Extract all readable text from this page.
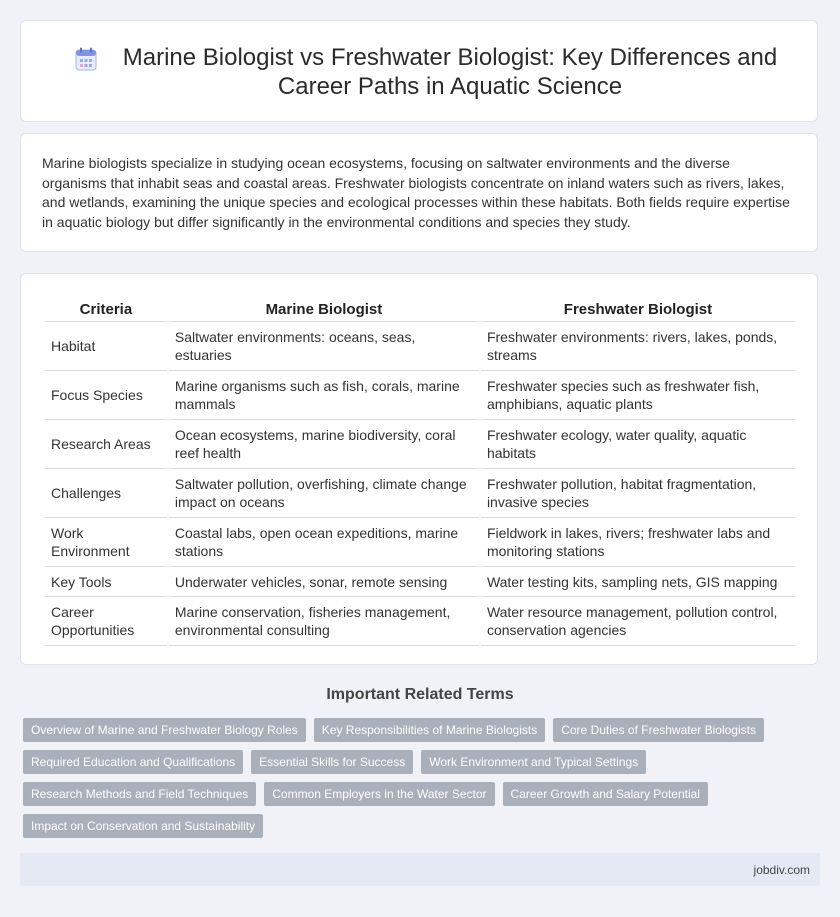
Marine Biologist vs Freshwater Biologist: Key Differences and Career Paths in Aquatic Science

Marine biologists specialize in studying ocean ecosystems, focusing on saltwater environments and the diverse organisms that inhabit seas and coastal areas. Freshwater biologists concentrate on inland waters such as rivers, lakes, and wetlands, examining the unique species and ecological processes within these habitats. Both fields require expertise in aquatic biology but differ significantly in the environmental conditions and species they study.

Criteria	Marine Biologist	Freshwater Biologist
Habitat	Saltwater environments: oceans, seas, estuaries	Freshwater environments: rivers, lakes, ponds, streams
Focus Species	Marine organisms such as fish, corals, marine mammals	Freshwater species such as freshwater fish, amphibians, aquatic plants
Research Areas	Ocean ecosystems, marine biodiversity, coral reef health	Freshwater ecology, water quality, aquatic habitats
Challenges	Saltwater pollution, overfishing, climate change impact on oceans	Freshwater pollution, habitat fragmentation, invasive species
Work Environment	Coastal labs, open ocean expeditions, marine stations	Fieldwork in lakes, rivers; freshwater labs and monitoring stations
Key Tools	Underwater vehicles, sonar, remote sensing	Water testing kits, sampling nets, GIS mapping
Career Opportunities	Marine conservation, fisheries management, environmental consulting	Water resource management, pollution control, conservation agencies
Important Related Terms
Overview of Marine and Freshwater Biology Roles	Key Responsibilities of Marine Biologists	Core Duties of Freshwater Biologists
Required Education and Qualifications	Essential Skills for Success	Work Environment and Typical Settings
Research Methods and Field Techniques	Common Employers in the Water Sector	Career Growth and Salary Potential
Impact on Conservation and Sustainability
jobdiv.com
